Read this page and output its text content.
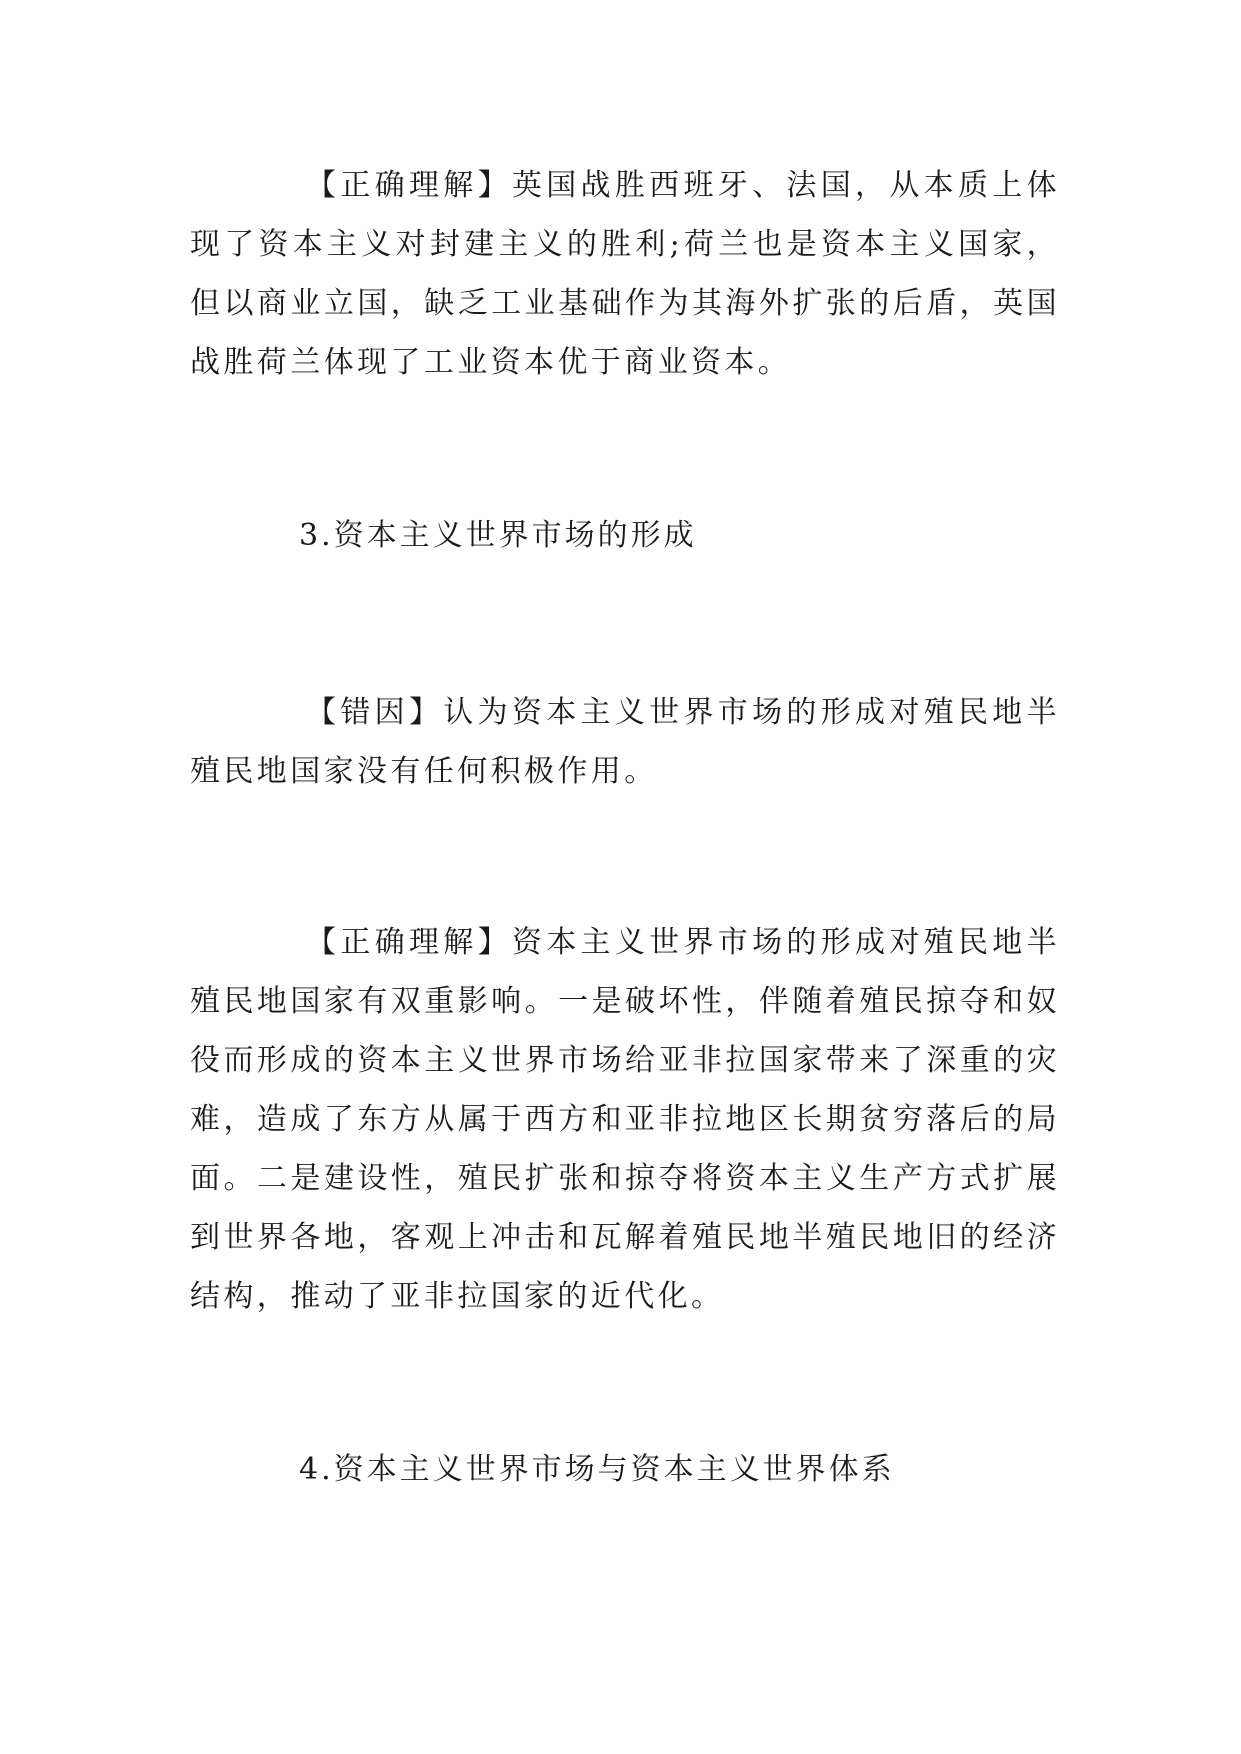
【正确理解】英国战胜西班牙、法国，从本质上体现了资本主义对封建主义的胜利;荷兰也是资本主义国家，但以商业立国，缺乏工业基础作为其海外扩张的后盾，英国战胜荷兰体现了工业资本优于商业资本。

3.资本主义世界市场的形成

【错因】认为资本主义世界市场的形成对殖民地半殖民地国家没有任何积极作用。

【正确理解】资本主义世界市场的形成对殖民地半殖民地国家有双重影响。一是破坏性，伴随着殖民掠夺和奴役而形成的资本主义世界市场给亚非拉国家带来了深重的灾难，造成了东方从属于西方和亚非拉地区长期贫穷落后的局面。二是建设性，殖民扩张和掠夺将资本主义生产方式扩展到世界各地，客观上冲击和瓦解着殖民地半殖民地旧的经济结构，推动了亚非拉国家的近代化。

4.资本主义世界市场与资本主义世界体系
